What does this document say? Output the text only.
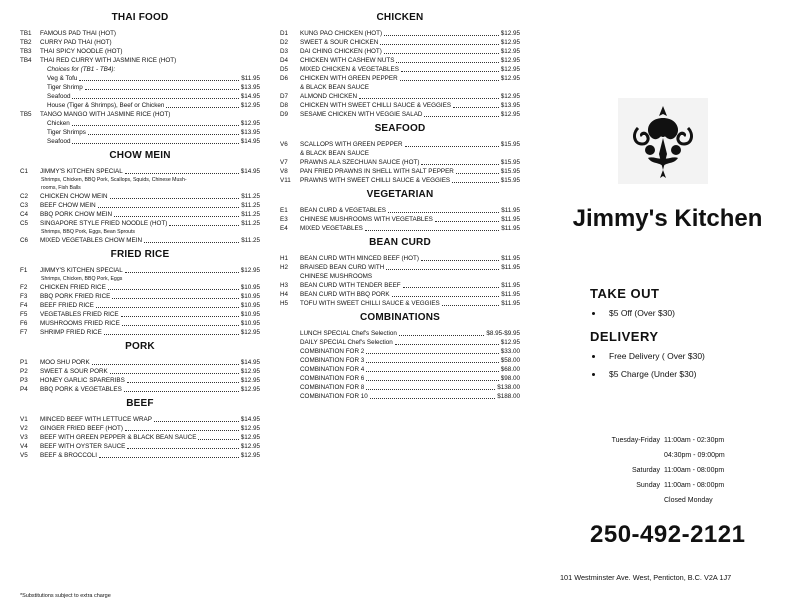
THAI FOOD
TB1	FAMOUS PAD THAI (HOT)
TB2	CURRY PAD THAI (HOT)
TB3	THAI SPICY NOODLE (HOT)
TB4	THAI RED CURRY WITH JASMINE RICE (HOT)
Choices for (TB1 - TB4):
Veg & Tofu	$11.95
Tiger Shrimp	$13.95
Seafood	$14.95
House (Tiger & Shrimps), Beef or Chicken	$12.95
TB5	TANGO MANGO WITH JASMINE RICE (HOT)
Chicken	$12.95
Tiger Shrimps	$13.95
Seafood	$14.95
CHOW MEIN
C1	JIMMY'S KITCHEN SPECIAL	$14.95
Shrimps, Chicken, BBQ Pork, Scallops, Squids, Chinese Mush-
rooms, Fish Balls
C2	CHICKEN CHOW MEIN	$11.25
C3	BEEF CHOW MEIN	$11.25
C4	BBQ PORK CHOW MEIN	$11.25
C5	SINGAPORE STYLE FRIED NOODLE (HOT)	$11.25
Shrimps, BBQ Pork, Eggs, Bean Sprouts
C6	MIXED VEGETABLES CHOW MEIN	$11.25
FRIED RICE
F1	JIMMY'S KITCHEN SPECIAL	$12.95
Shrimps, Chicken, BBQ Pork, Eggs
F2	CHICKEN FRIED RICE	$10.95
F3	BBQ PORK FRIED RICE	$10.95
F4	BEEF FRIED RICE	$10.95
F5	VEGETABLES FRIED RICE	$10.95
F6	MUSHROOMS FRIED RICE	$10.95
F7	SHRIMP FRIED RICE	$12.95
PORK
P1	MOO SHU PORK	$14.95
P2	SWEET & SOUR PORK	$12.95
P3	HONEY GARLIC SPARERIBS	$12.95
P4	BBQ PORK & VEGETABLES	$12.95
BEEF
V1	MINCED BEEF WITH LETTUCE WRAP	$14.95
V2	GINGER FRIED BEEF (HOT)	$12.95
V3	BEEF WITH GREEN PEPPER & BLACK BEAN SAUCE	$12.95
V4	BEEF WITH OYSTER SAUCE	$12.95
V5	BEEF & BROCCOLI	$12.95
CHICKEN
D1	KUNG PAO CHICKEN (HOT)	$12.95
D2	SWEET & SOUR CHICKEN	$12.95
D3	DAI CHING CHICKEN (HOT)	$12.95
D4	CHICKEN WITH CASHEW NUTS	$12.95
D5	MIXED CHICKEN & VEGETABLES	$12.95
D6	CHICKEN WITH GREEN PEPPER	$12.95
& BLACK BEAN SAUCE
D7	ALMOND CHICKEN	$12.95
D8	CHICKEN WITH SWEET CHILLI SAUCE & VEGGIES	$13.95
D9	SESAME CHICKEN WITH VEGGIE SALAD	$12.95
SEAFOOD
V6	SCALLOPS WITH GREEN PEPPER	$15.95
& BLACK BEAN SAUCE
V7	PRAWNS ALA SZECHUAN SAUCE (HOT)	$15.95
V8	PAN FRIED PRAWNS IN SHELL WITH SALT PEPPER	$15.95
V11	PRAWNS WITH SWEET CHILLI SAUCE & VEGGIES	$15.95
VEGETARIAN
E1	BEAN CURD & VEGETABLES	$11.95
E3	CHINESE MUSHROOMS WITH VEGETABLES	$11.95
E4	MIXED VEGETABLES	$11.95
BEAN CURD
H1	BEAN CURD WITH MINCED BEEF (HOT)	$11.95
H2	BRAISED BEAN CURD WITH	$11.95
CHINESE MUSHROOMS
H3	BEAN CURD WITH TENDER BEEF	$11.95
H4	BEAN CURD WITH BBQ PORK	$11.95
H5	TOFU WITH SWEET CHILLI SAUCE & VEGGIES	$11.95
COMBINATIONS
LUNCH SPECIAL Chef's Selection	$8.95-$9.95
DAILY SPECIAL Chef's Selection	$12.95
COMBINATION FOR 2	$33.00
COMBINATION FOR 3	$58.00
COMBINATION FOR 4	$68.00
COMBINATION FOR 6	$98.00
COMBINATION FOR 8	$138.00
COMBINATION FOR 10	$188.00
*Substitutions subject to extra charge
Jimmy's Kitchen
TAKE OUT
$5 Off (Over $30)
DELIVERY
Free Delivery ( Over $30)
$5 Charge (Under $30)
Tuesday-Friday 11:00am - 02:30pm
04:30pm - 09:00pm
Saturday 11:00am - 08:00pm
Sunday 11:00am - 08:00pm
Closed Monday
250-492-2121
101 Westminster Ave. West, Penticton, B.C. V2A 1J7
